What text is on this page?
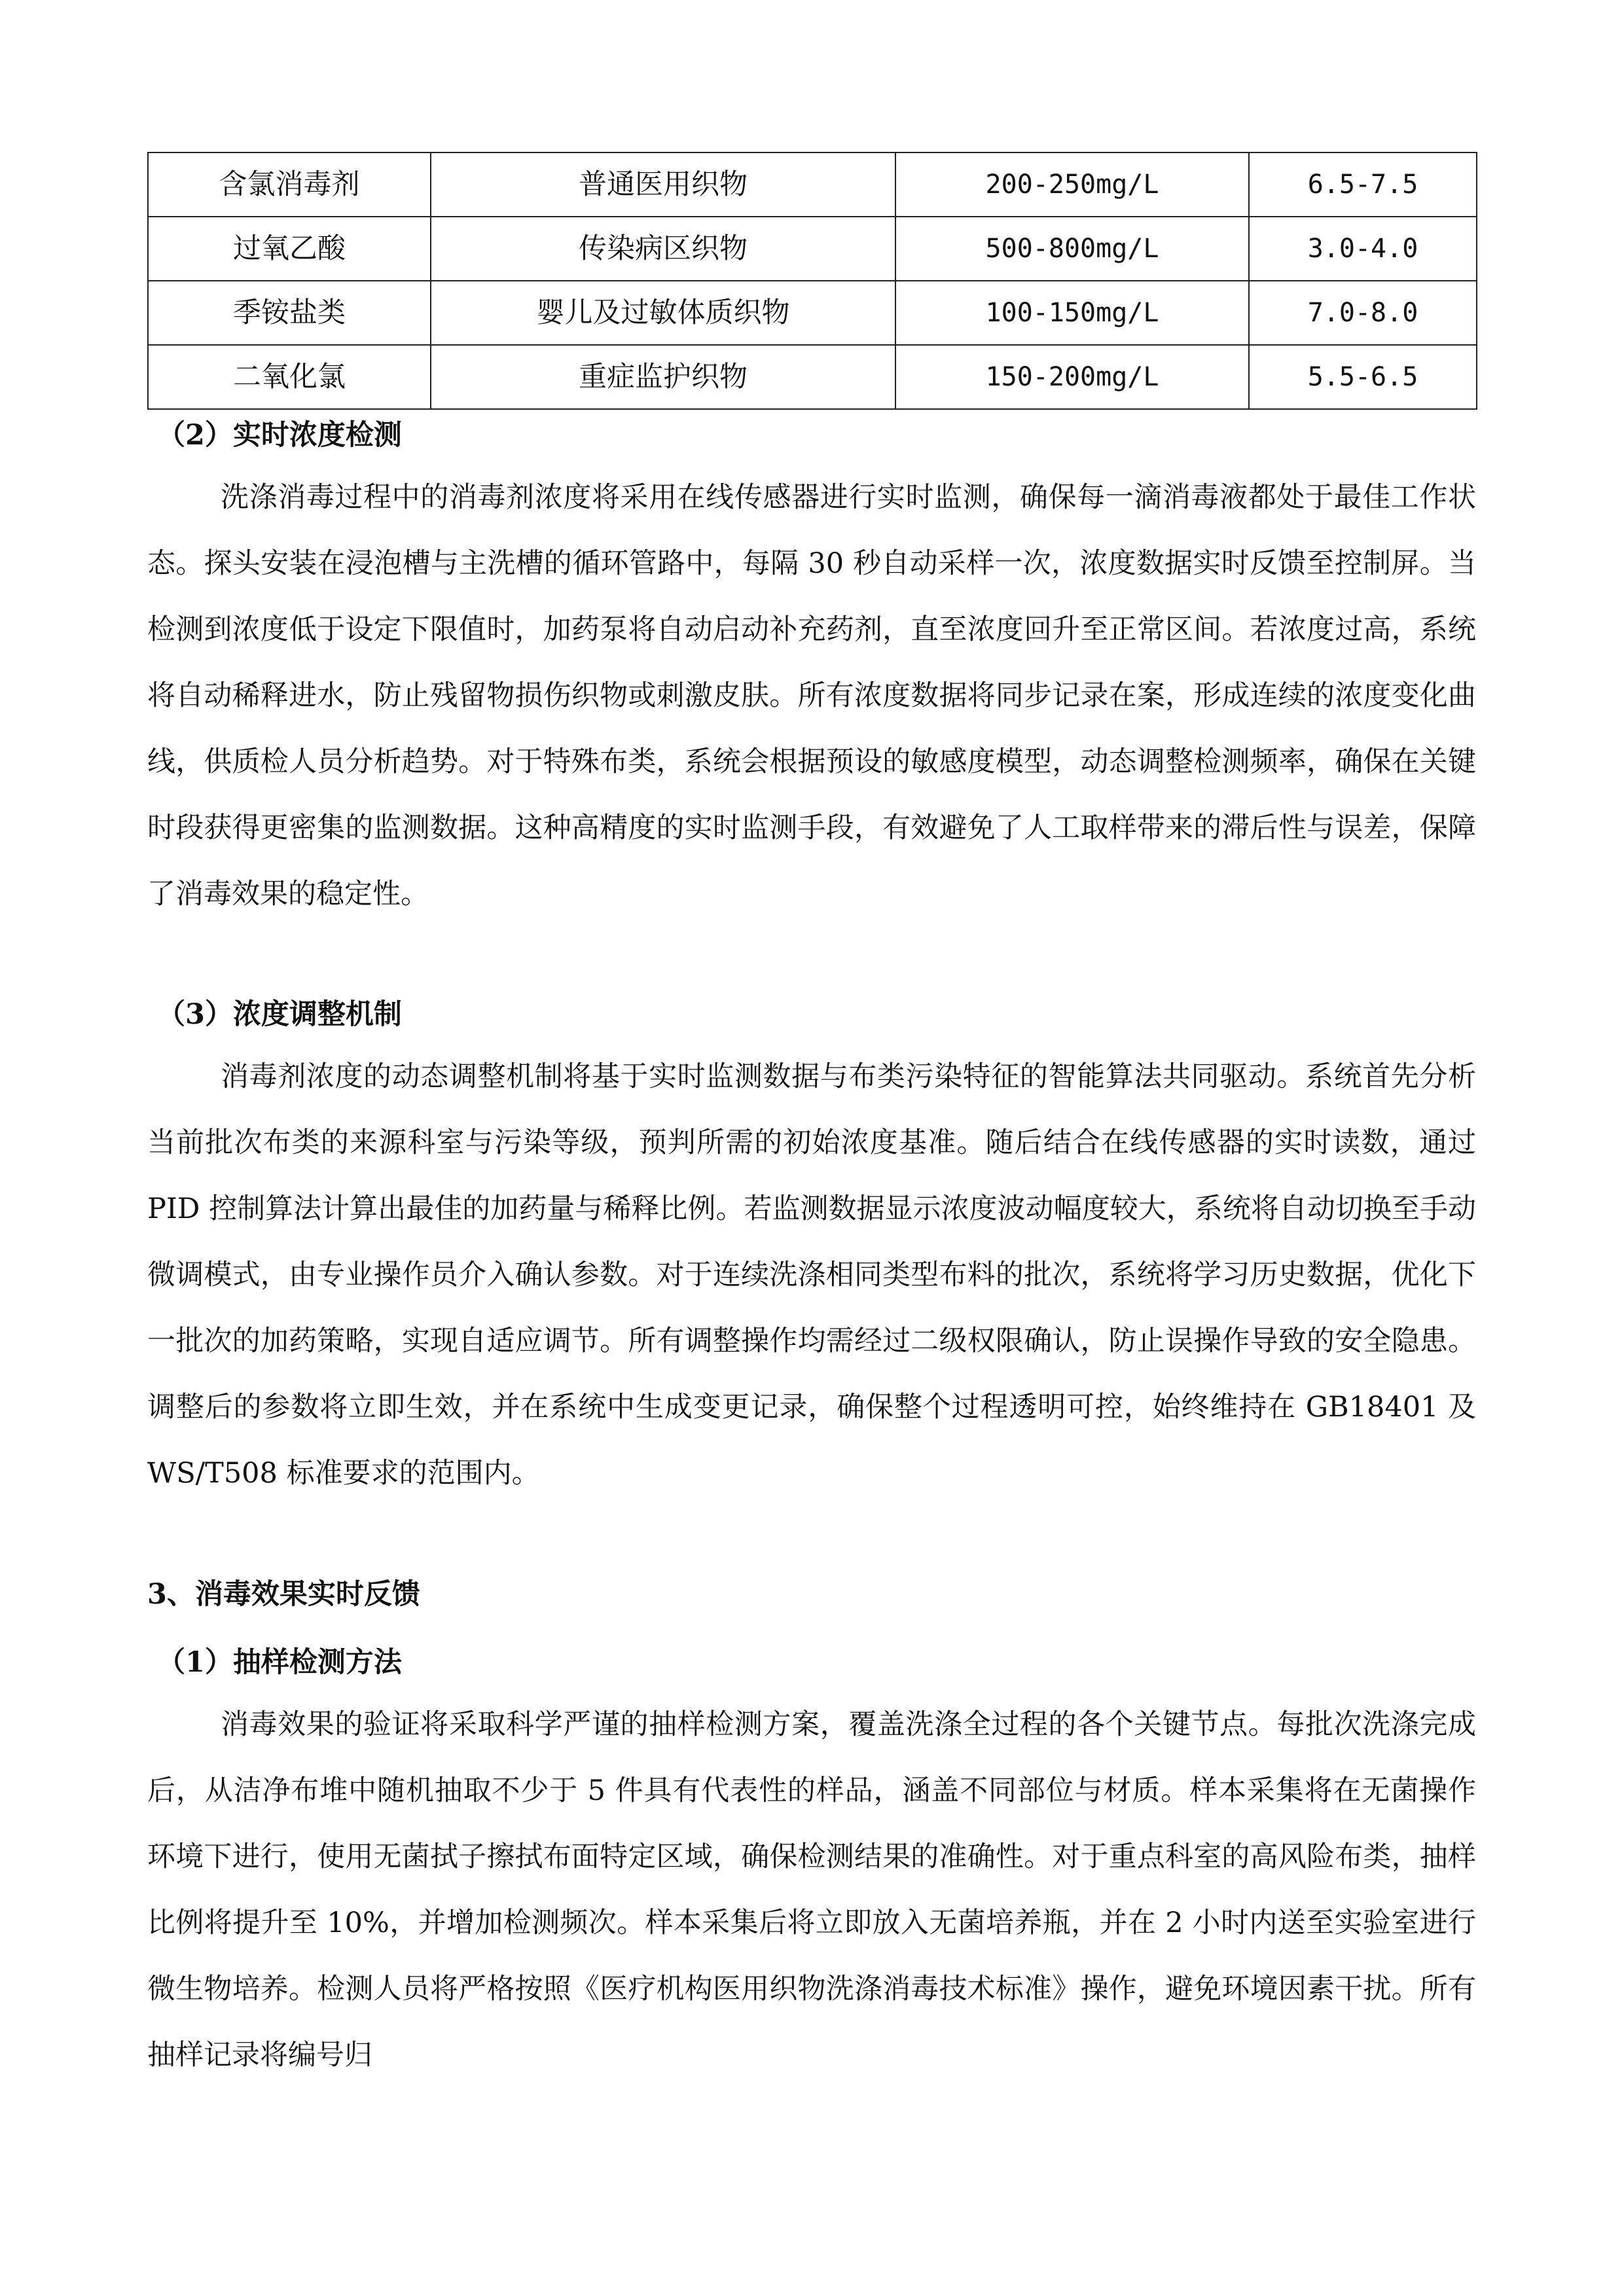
含氯消毒剂	普通医用织物	200-250mg/L	6.5-7.5
过氧乙酸	传染病区织物	500-800mg/L	3.0-4.0
季铵盐类	婴儿及过敏体质织物	100-150mg/L	7.0-8.0
二氧化氯	重症监护织物	150-200mg/L	5.5-6.5
（2）实时浓度检测

洗涤消毒过程中的消毒剂浓度将采用在线传感器进行实时监测，确保每一滴消毒液都处于最佳工作状态。探头安装在浸泡槽与主洗槽的循环管路中，每隔 30 秒自动采样一次，浓度数据实时反馈至控制屏。当检测到浓度低于设定下限值时，加药泵将自动启动补充药剂，直至浓度回升至正常区间。若浓度过高，系统将自动稀释进水，防止残留物损伤织物或刺激皮肤。所有浓度数据将同步记录在案，形成连续的浓度变化曲线，供质检人员分析趋势。对于特殊布类，系统会根据预设的敏感度模型，动态调整检测频率，确保在关键时段获得更密集的监测数据。这种高精度的实时监测手段，有效避免了人工取样带来的滞后性与误差，保障了消毒效果的稳定性。

（3）浓度调整机制

消毒剂浓度的动态调整机制将基于实时监测数据与布类污染特征的智能算法共同驱动。系统首先分析当前批次布类的来源科室与污染等级，预判所需的初始浓度基准。随后结合在线传感器的实时读数，通过 PID 控制算法计算出最佳的加药量与稀释比例。若监测数据显示浓度波动幅度较大，系统将自动切换至手动微调模式，由专业操作员介入确认参数。对于连续洗涤相同类型布料的批次，系统将学习历史数据，优化下一批次的加药策略，实现自适应调节。所有调整操作均需经过二级权限确认，防止误操作导致的安全隐患。调整后的参数将立即生效，并在系统中生成变更记录，确保整个过程透明可控，始终维持在 GB18401 及 WS/T508 标准要求的范围内。

3、消毒效果实时反馈
（1）抽样检测方法

消毒效果的验证将采取科学严谨的抽样检测方案，覆盖洗涤全过程的各个关键节点。每批次洗涤完成后，从洁净布堆中随机抽取不少于 5 件具有代表性的样品，涵盖不同部位与材质。样本采集将在无菌操作环境下进行，使用无菌拭子擦拭布面特定区域，确保检测结果的准确性。对于重点科室的高风险布类，抽样比例将提升至 10%，并增加检测频次。样本采集后将立即放入无菌培养瓶，并在 2 小时内送至实验室进行微生物培养。检测人员将严格按照《医疗机构医用织物洗涤消毒技术标准》操作，避免环境因素干扰。所有抽样记录将编号归
